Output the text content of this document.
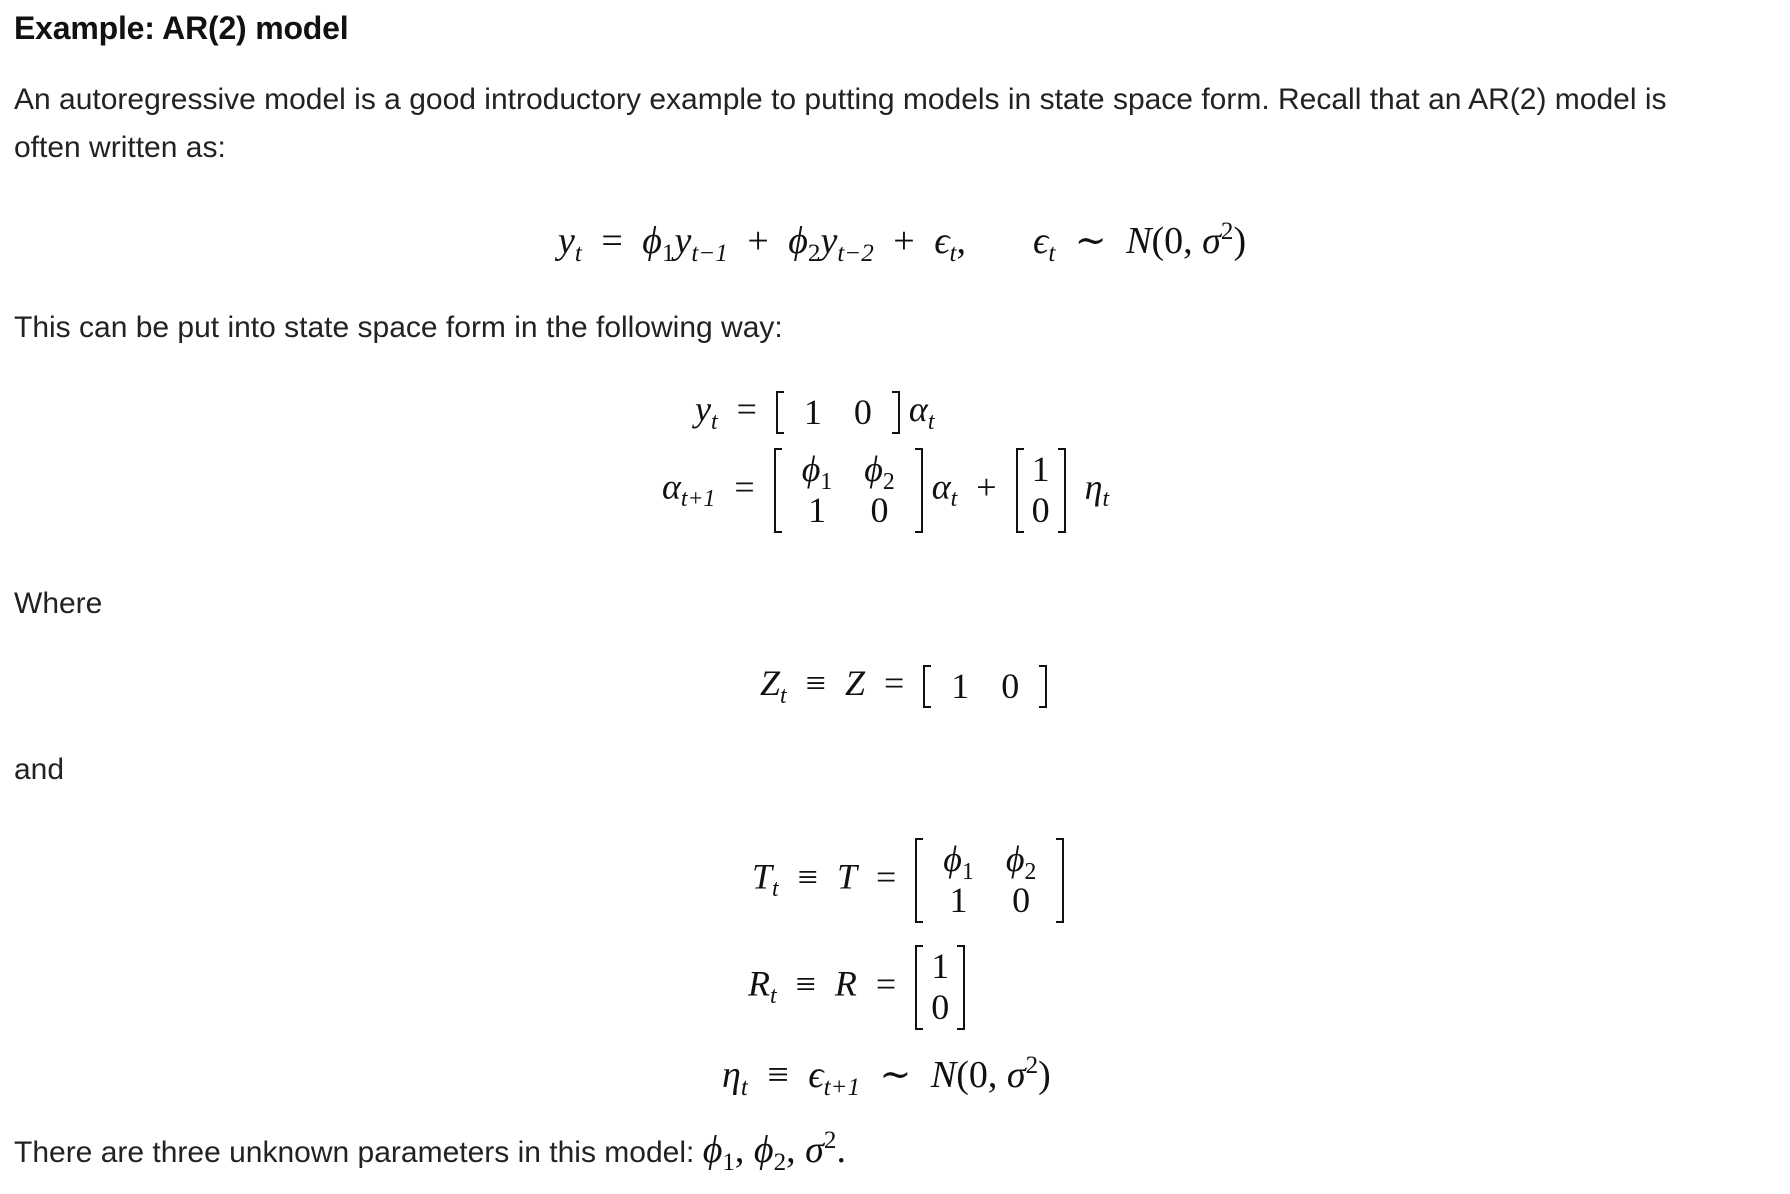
Example: AR(2) model
An autoregressive model is a good introductory example to putting models in state space form. Recall that an AR(2) model is
often written as:
$y_t = \phi_1y_{t-1} + \phi_2y_{t-2} + \epsilon_t$, $\epsilon_t$ ∼ N(0, $\sigma^2$)
This can be put into state space form in the following way:
$y_t = 1$	0 $\alpha_t$
$\alpha_{t+1} = \phi_1$	$\phi_2$
1	0
$\alpha_t + 1$
0
$\eta_t$
Where
$Z_t \equiv Z = 1$	0
and
$T_t \equiv T = \phi_1$	$\phi_2$
1	0
$R_t \equiv R = 1$
0
$\eta_t \equiv \epsilon_{t+1}$ ∼ N(0, $\sigma^2$)
There are three unknown parameters in this model: $\phi_1$, $\phi_2$, $\sigma^2$.
